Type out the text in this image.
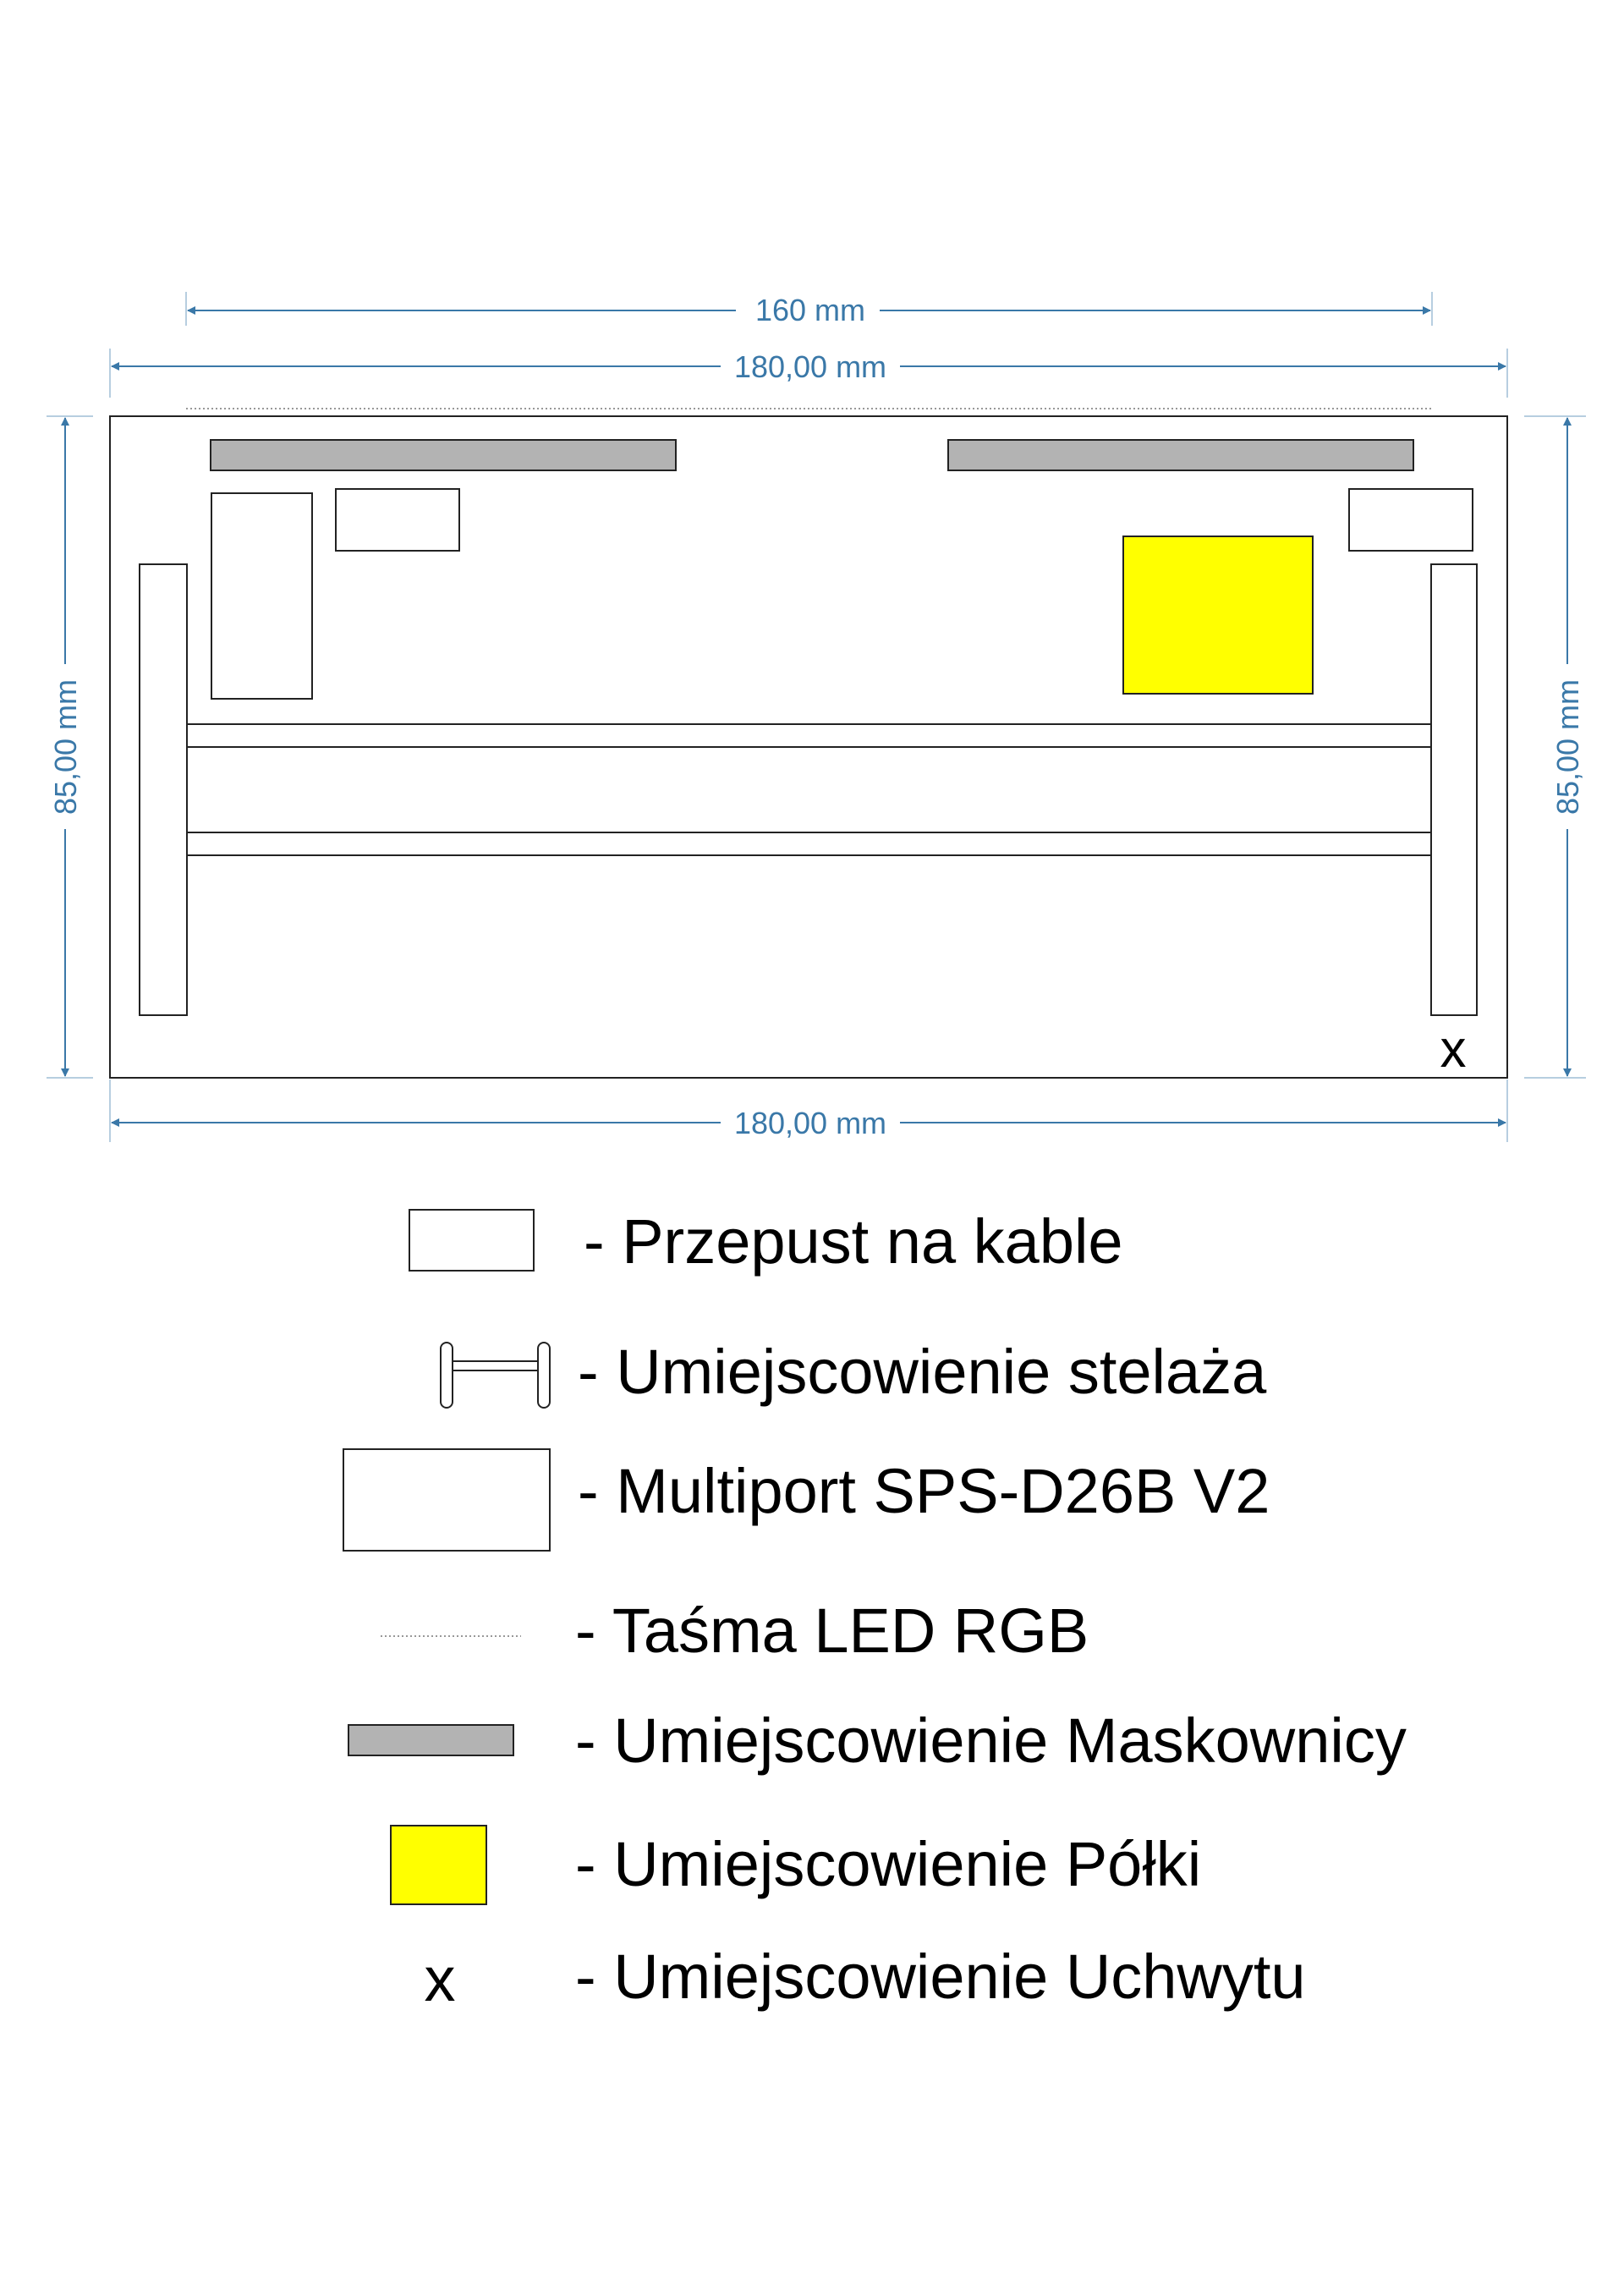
160 mm
180,00 mm
180,00 mm
85,00 mm	85,00 mm
x
- Przepust na kable
- Umiejscowienie stelaża
- Multiport SPS-D26B V2
- Taśma LED RGB
- Umiejscowienie Maskownicy
- Umiejscowienie Półki
x - Umiejscowienie Uchwytu
